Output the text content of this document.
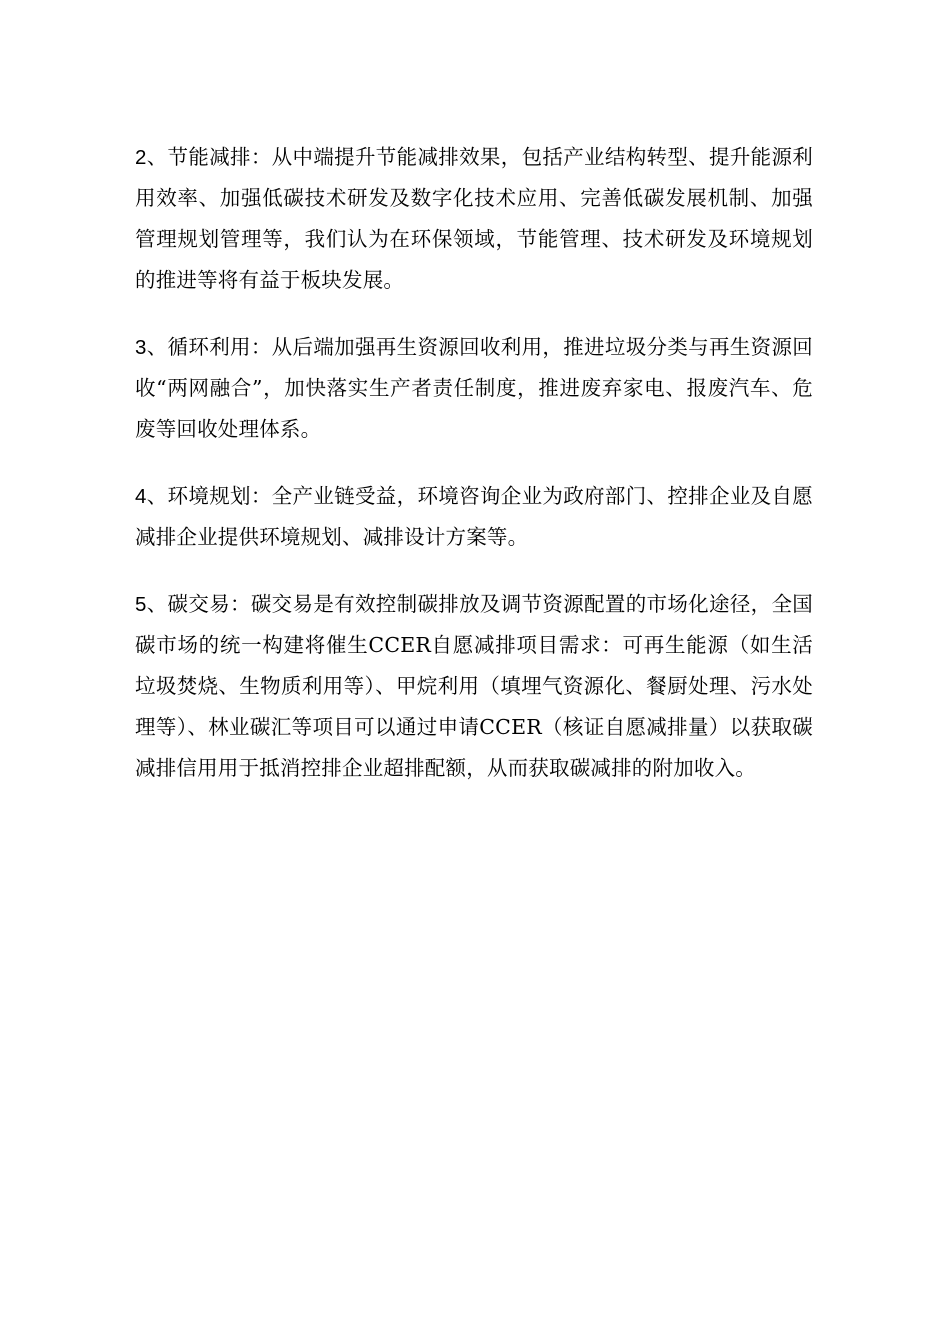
2、节能减排：从中端提升节能减排效果，包括产业结构转型、提升能源利用效率、加强低碳技术研发及数字化技术应用、完善低碳发展机制、加强管理规划管理等，我们认为在环保领域，节能管理、技术研发及环境规划的推进等将有益于板块发展。

3、循环利用：从后端加强再生资源回收利用，推进垃圾分类与再生资源回收“两网融合”，加快落实生产者责任制度，推进废弃家电、报废汽车、危废等回收处理体系。

4、环境规划：全产业链受益，环境咨询企业为政府部门、控排企业及自愿减排企业提供环境规划、减排设计方案等。

5、碳交易：碳交易是有效控制碳排放及调节资源配置的市场化途径，全国碳市场的统一构建将催生CCER自愿减排项目需求：可再生能源（如生活垃圾焚烧、生物质利用等）、甲烷利用（填埋气资源化、餐厨处理、污水处理等）、林业碳汇等项目可以通过申请CCER（核证自愿减排量）以获取碳减排信用用于抵消控排企业超排配额，从而获取碳减排的附加收入。
